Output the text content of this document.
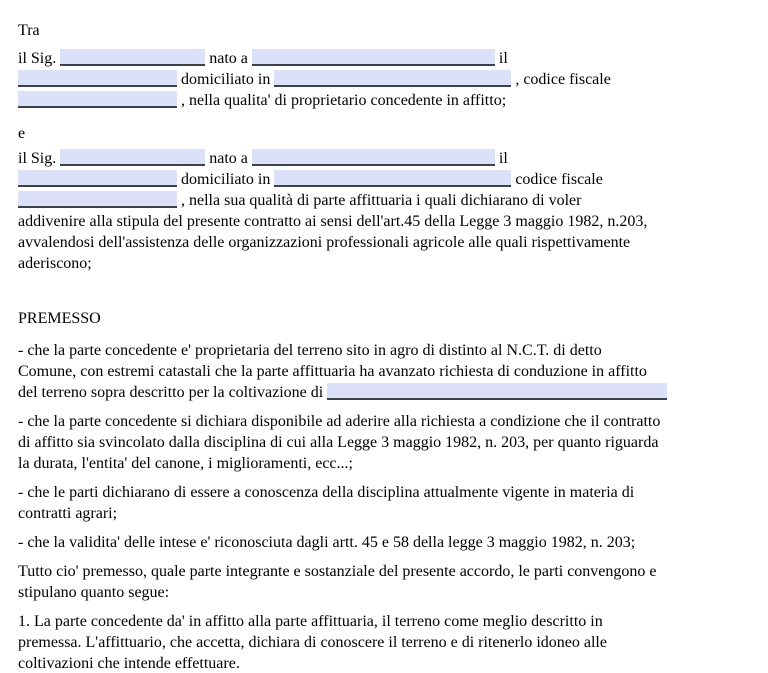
Tra
il Sig.	nato a	il
domiciliato in	, codice fiscale
, nella qualita' di proprietario concedente in affitto;
e
il Sig.	nato a	il
domiciliato in	codice fiscale
, nella sua qualità di parte affittuaria i quali dichiarano di voler
addivenire alla stipula del presente contratto ai sensi dell'art.45 della Legge 3 maggio 1982, n.203,
avvalendosi dell'assistenza delle organizzazioni professionali agricole alle quali rispettivamente
aderiscono;
PREMESSO
- che la parte concedente e' proprietaria del terreno sito in agro di distinto al N.C.T. di detto
Comune, con estremi catastali che la parte affittuaria ha avanzato richiesta di conduzione in affitto
del terreno sopra descritto per la coltivazione di
- che la parte concedente si dichiara disponibile ad aderire alla richiesta a condizione che il contratto
di affitto sia svincolato dalla disciplina di cui alla Legge 3 maggio 1982, n. 203, per quanto riguarda
la durata, l'entita' del canone, i miglioramenti, ecc...;
- che le parti dichiarano di essere a conoscenza della disciplina attualmente vigente in materia di
contratti agrari;
- che la validita' delle intese e' riconosciuta dagli artt. 45 e 58 della legge 3 maggio 1982, n. 203;
Tutto cio' premesso, quale parte integrante e sostanziale del presente accordo, le parti convengono e
stipulano quanto segue:
1. La parte concedente da' in affitto alla parte affittuaria, il terreno come meglio descritto in
premessa. L'affittuario, che accetta, dichiara di conoscere il terreno e di ritenerlo idoneo alle
coltivazioni che intende effettuare.
